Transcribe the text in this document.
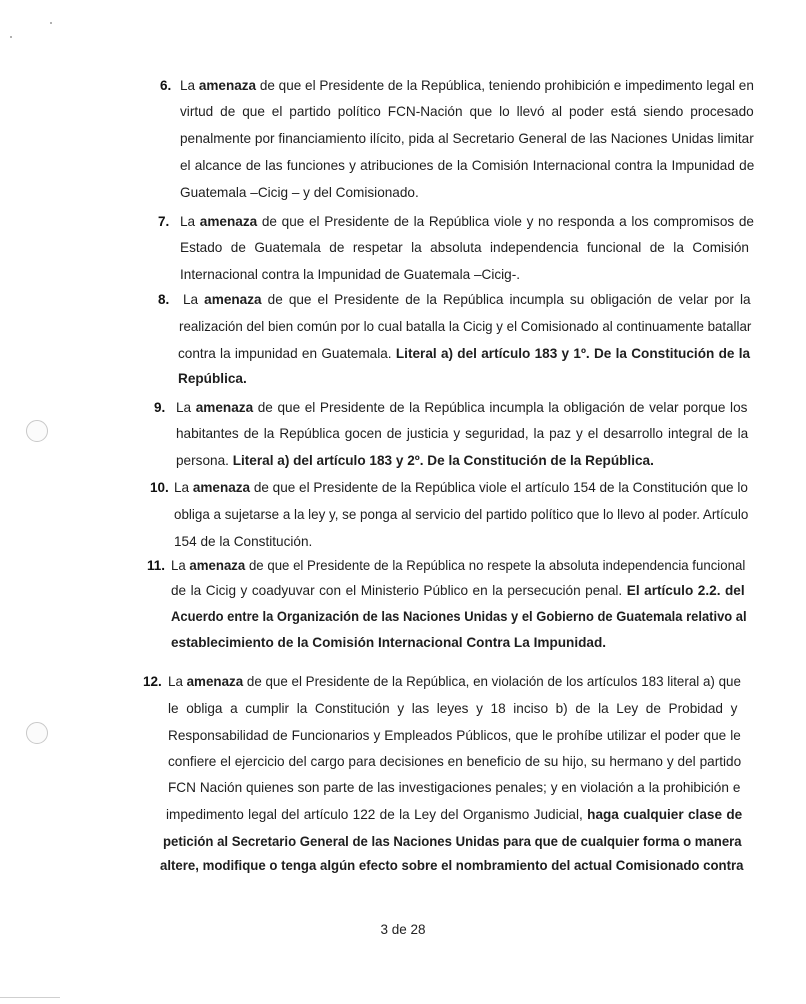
6. La amenaza de que el Presidente de la República, teniendo prohibición e impedimento legal en
virtud de que el partido político FCN-Nación que lo llevó al poder está siendo procesado
penalmente por financiamiento ilícito, pida al Secretario General de las Naciones Unidas limitar
el alcance de las funciones y atribuciones de la Comisión Internacional contra la Impunidad de
Guatemala –Cicig – y del Comisionado.
7. La amenaza de que el Presidente de la República viole y no responda a los compromisos de
Estado de Guatemala de respetar la absoluta independencia funcional de la Comisión
Internacional contra la Impunidad de Guatemala –Cicig-.
8. La amenaza de que el Presidente de la República incumpla su obligación de velar por la
realización del bien común por lo cual batalla la Cicig y el Comisionado al continuamente batallar
contra la impunidad en Guatemala. Literal a) del artículo 183 y 1º. De la Constitución de la
República.
9. La amenaza de que el Presidente de la República incumpla la obligación de velar porque los
habitantes de la República gocen de justicia y seguridad, la paz y el desarrollo integral de la
persona. Literal a) del artículo 183 y 2º. De la Constitución de la República.
10. La amenaza de que el Presidente de la República viole el artículo 154 de la Constitución que lo
obliga a sujetarse a la ley y, se ponga al servicio del partido político que lo llevo al poder. Artículo
154 de la Constitución.
11. La amenaza de que el Presidente de la República no respete la absoluta independencia funcional
de la Cicig y coadyuvar con el Ministerio Público en la persecución penal. El artículo 2.2. del
Acuerdo entre la Organización de las Naciones Unidas y el Gobierno de Guatemala relativo al
establecimiento de la Comisión Internacional Contra La Impunidad.
12. La amenaza de que el Presidente de la República, en violación de los artículos 183 literal a) que
le obliga a cumplir la Constitución y las leyes y 18 inciso b) de la Ley de Probidad y
Responsabilidad de Funcionarios y Empleados Públicos, que le prohíbe utilizar el poder que le
confiere el ejercicio del cargo para decisiones en beneficio de su hijo, su hermano y del partido
FCN Nación quienes son parte de las investigaciones penales; y en violación a la prohibición e
impedimento legal del artículo 122 de la Ley del Organismo Judicial, haga cualquier clase de
petición al Secretario General de las Naciones Unidas para que de cualquier forma o manera
altere, modifique o tenga algún efecto sobre el nombramiento del actual Comisionado contra
3 de 28
